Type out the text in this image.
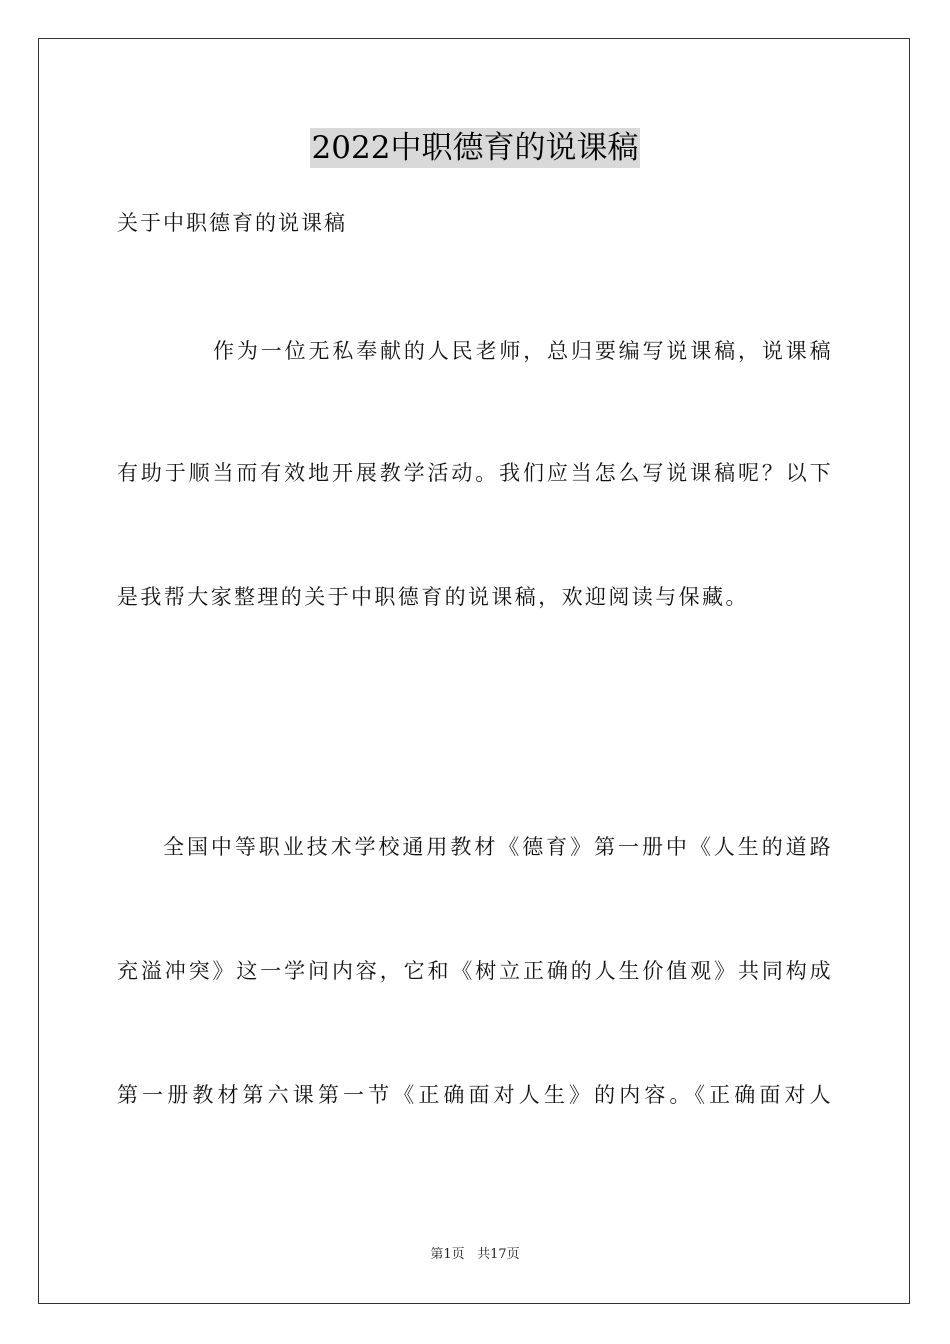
2022中职德育的说课稿
关于中职德育的说课稿
作为一位无私奉献的人民老师，总归要编写说课稿，说课稿
有助于顺当而有效地开展教学活动。我们应当怎么写说课稿呢？以下
是我帮大家整理的关于中职德育的说课稿，欢迎阅读与保藏。
全国中等职业技术学校通用教材《德育》第一册中《人生的道路
充溢冲突》这一学问内容，它和《树立正确的人生价值观》共同构成
第一册教材第六课第一节《正确面对人生》的内容。《正确面对人
第1页 共17页
